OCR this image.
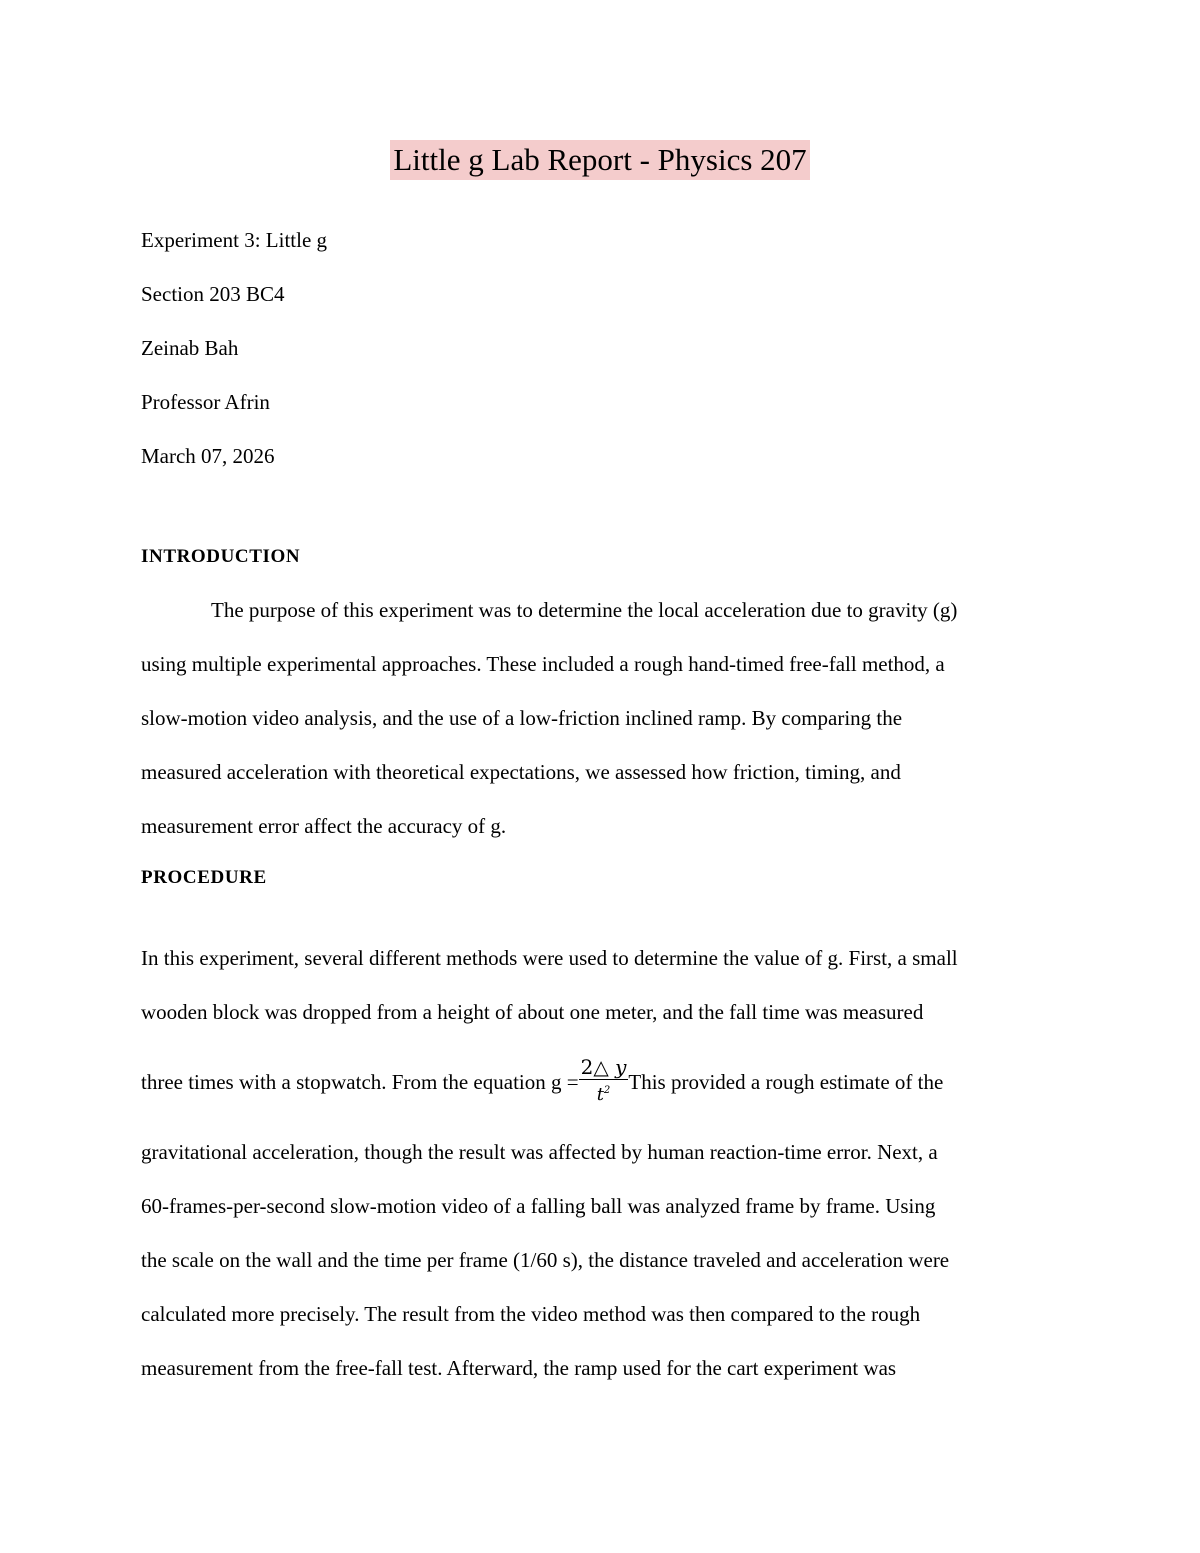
Little g Lab Report - Physics 207
Experiment 3: Little g
Section 203 BC4
Zeinab Bah
Professor Afrin
March 07, 2026
INTRODUCTION
The purpose of this experiment was to determine the local acceleration due to gravity (g)
using multiple experimental approaches. These included a rough hand-timed free-fall method, a
slow-motion video analysis, and the use of a low-friction inclined ramp. By comparing the
measured acceleration with theoretical expectations, we assessed how friction, timing, and
measurement error affect the accuracy of g.
PROCEDURE
In this experiment, several different methods were used to determine the value of g. First, a small
wooden block was dropped from a height of about one meter, and the fall time was measured
three times with a stopwatch. From the equation $g = \frac{2\triangle y}{t^2}$ This provided a rough estimate of the
gravitational acceleration, though the result was affected by human reaction-time error. Next, a
60-frames-per-second slow-motion video of a falling ball was analyzed frame by frame. Using
the scale on the wall and the time per frame (1/60 s), the distance traveled and acceleration were
calculated more precisely. The result from the video method was then compared to the rough
measurement from the free-fall test. Afterward, the ramp used for the cart experiment was
